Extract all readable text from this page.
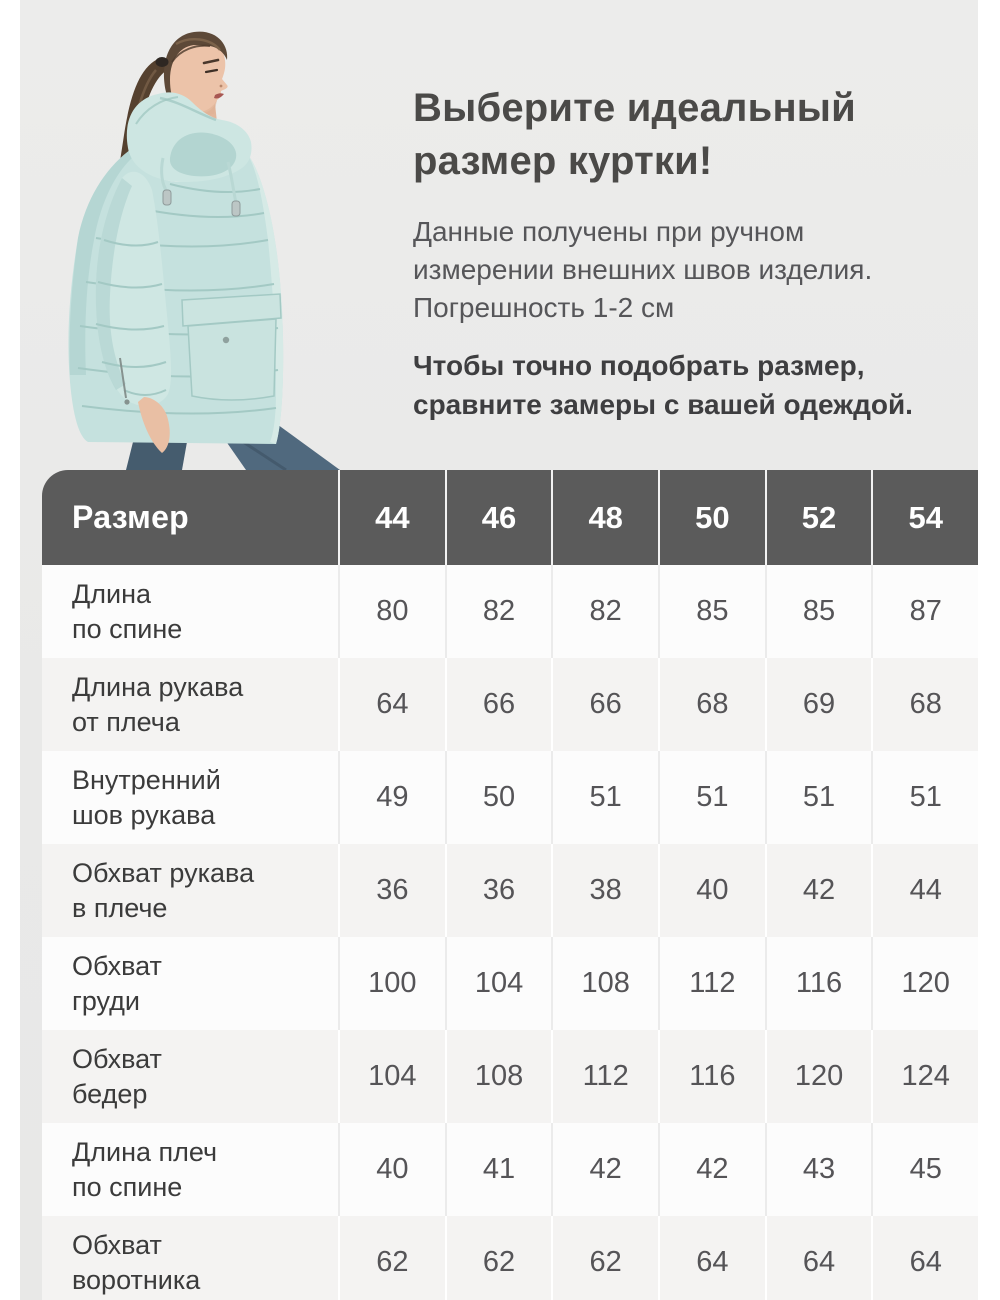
Выберите идеальный
размер куртки!
Данные получены при ручном
измерении внешних швов изделия.
Погрешность 1-2 см
Чтобы точно подобрать размер,
сравните замеры с вашей одеждой.
Размер	44	46	48	50	52	54
Длина
по спине
80	82	82	85	85	87
Длина рукава
от плеча
64	66	66	68	69	68
Внутренний
шов рукава
49	50	51	51	51	51
Обхват рукава
в плече
36	36	38	40	42	44
Обхват
груди
100	104	108	112	116	120
Обхват
бедер
104	108	112	116	120	124
Длина плеч
по спине
40	41	42	42	43	45
Обхват
воротника
62	62	62	64	64	64
